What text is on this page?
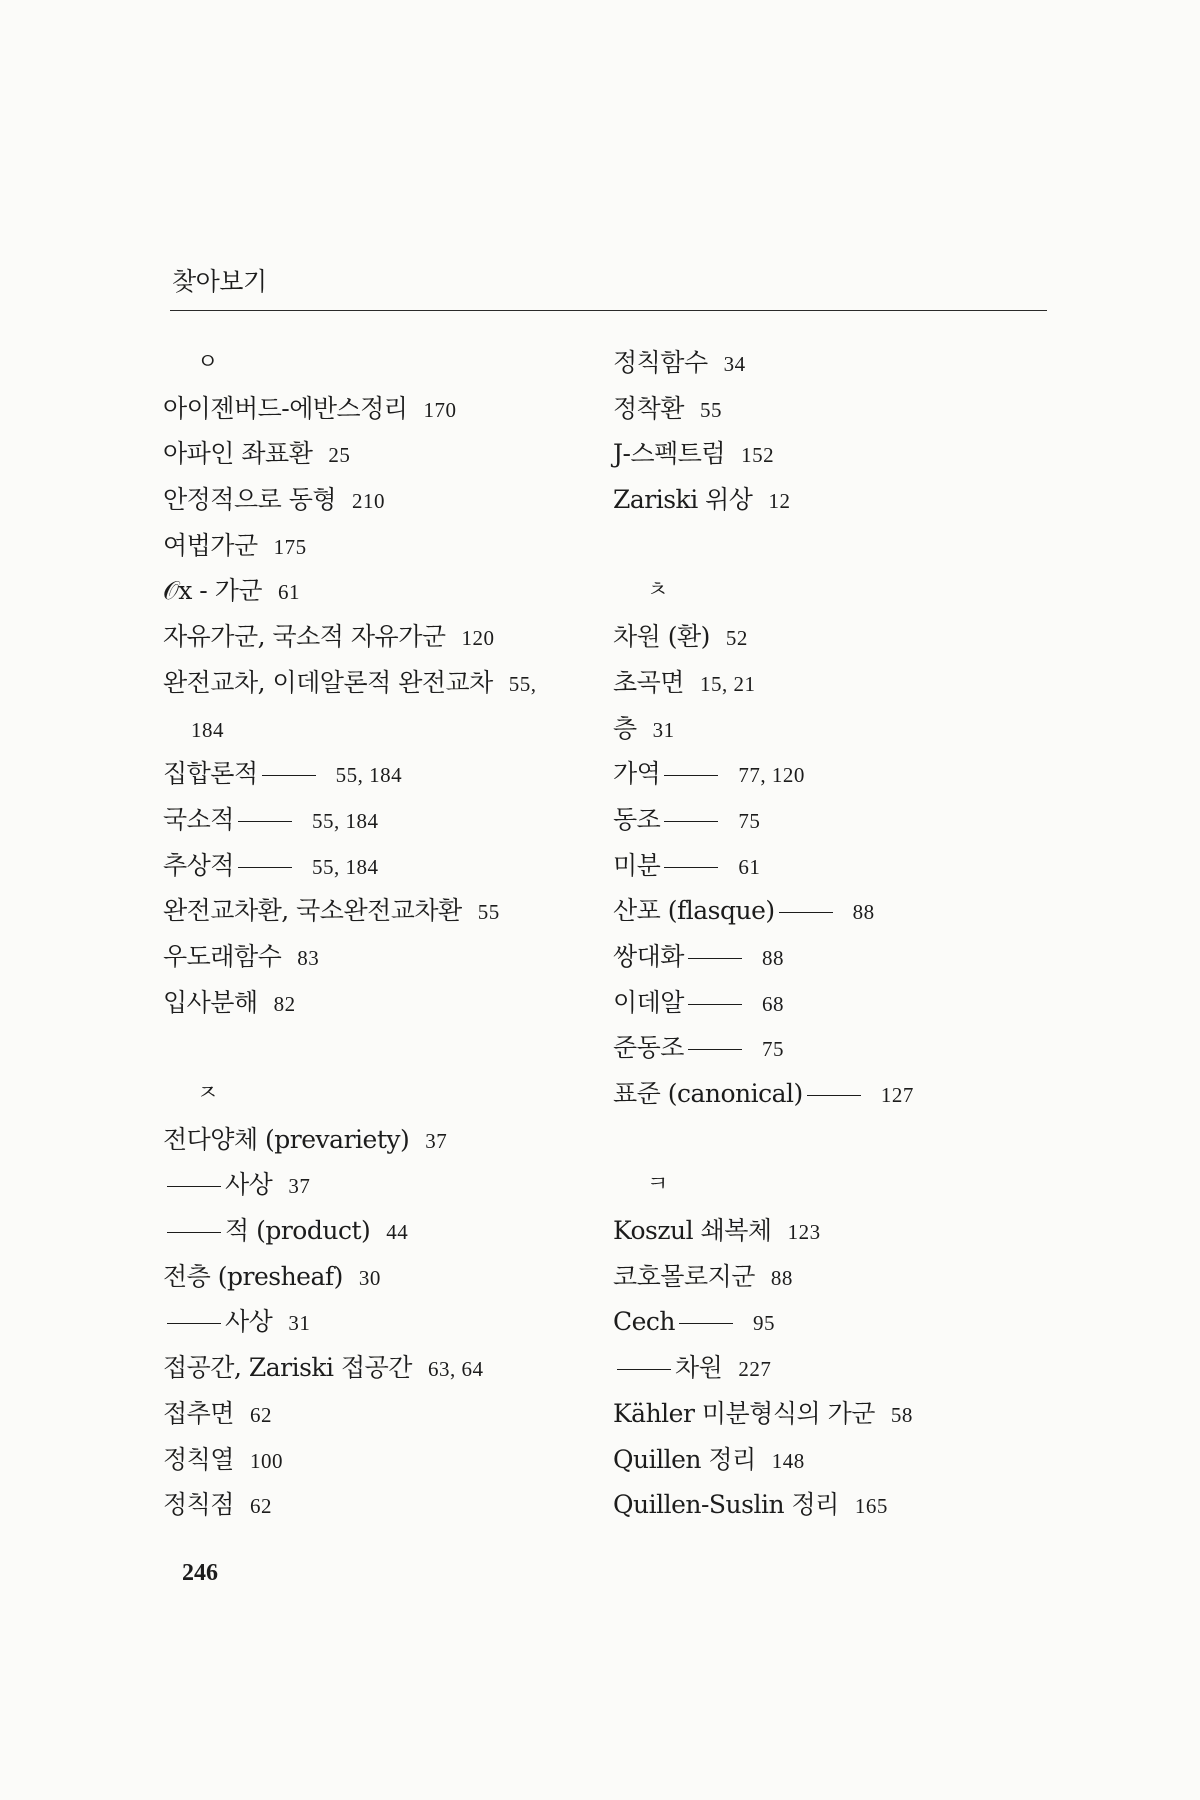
찾아보기
ㅇ
아이젠버드-에반스정리 170
아파인 좌표환 25
안정적으로 동형 210
여법가군 175
𝒪x - 가군 61
자유가군, 국소적 자유가군 120
완전교차, 이데알론적 완전교차 55,
184
집합론적	55, 184
국소적	55, 184
추상적	55, 184
완전교차환, 국소완전교차환 55
우도래함수 83
입사분해 82
ㅈ
전다양체 (prevariety) 37
사상 37
적 (product) 44
전층 (presheaf) 30
사상 31
접공간, Zariski 접공간 63, 64
접추면 62
정칙열 100
정칙점 62
정칙함수 34
정착환 55
J-스펙트럼 152
Zariski 위상 12
ㅊ
차원 (환) 52
초곡면 15, 21
층 31
가역	77, 120
동조	75
미분	61
산포 (flasque)	88
쌍대화	88
이데알	68
준동조	75
표준 (canonical)	127
ㅋ
Koszul 쇄복체 123
코호몰로지군 88
Cech	95
차원 227
Kähler 미분형식의 가군 58
Quillen 정리 148
Quillen-Suslin 정리 165
246
